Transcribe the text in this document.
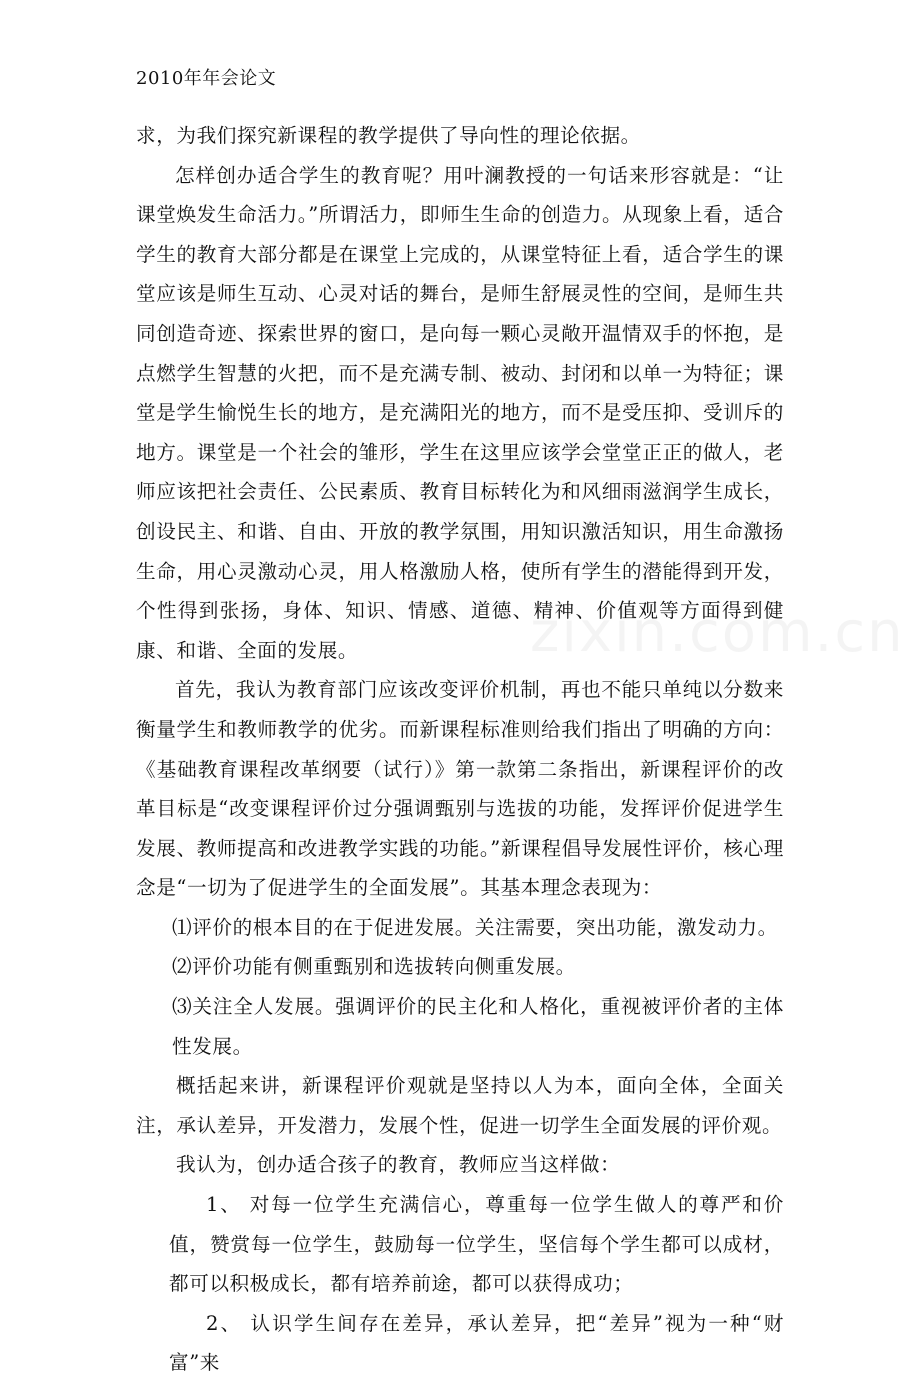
2010年年会论文

求，为我们探究新课程的教学提供了导向性的理论依据。

怎样创办适合学生的教育呢？用叶澜教授的一句话来形容就是：“让课堂焕发生命活力。”所谓活力，即师生生命的创造力。从现象上看，适合学生的教育大部分都是在课堂上完成的，从课堂特征上看，适合学生的课堂应该是师生互动、心灵对话的舞台，是师生舒展灵性的空间，是师生共同创造奇迹、探索世界的窗口，是向每一颗心灵敞开温情双手的怀抱，是点燃学生智慧的火把，而不是充满专制、被动、封闭和以单一为特征；课堂是学生愉悦生长的地方，是充满阳光的地方，而不是受压抑、受训斥的地方。课堂是一个社会的雏形，学生在这里应该学会堂堂正正的做人，老师应该把社会责任、公民素质、教育目标转化为和风细雨滋润学生成长，创设民主、和谐、自由、开放的教学氛围，用知识激活知识，用生命激扬生命，用心灵激动心灵，用人格激励人格，使所有学生的潜能得到开发，个性得到张扬，身体、知识、情感、道德、精神、价值观等方面得到健康、和谐、全面的发展。

首先，我认为教育部门应该改变评价机制，再也不能只单纯以分数来衡量学生和教师教学的优劣。而新课程标准则给我们指出了明确的方向：《基础教育课程改革纲要（试行）》第一款第二条指出，新课程评价的改革目标是“改变课程评价过分强调甄别与选拔的功能，发挥评价促进学生发展、教师提高和改进教学实践的功能。”新课程倡导发展性评价，核心理念是“一切为了促进学生的全面发展”。其基本理念表现为：

⑴评价的根本目的在于促进发展。关注需要，突出功能，激发动力。

⑵评价功能有侧重甄别和选拔转向侧重发展。

⑶关注全人发展。强调评价的民主化和人格化，重视被评价者的主体性发展。

概括起来讲，新课程评价观就是坚持以人为本，面向全体，全面关注，承认差异，开发潜力，发展个性，促进一切学生全面发展的评价观。

我认为，创办适合孩子的教育，教师应当这样做：

1、 对每一位学生充满信心，尊重每一位学生做人的尊严和价值，赞赏每一位学生，鼓励每一位学生，坚信每个学生都可以成材，都可以积极成长，都有培养前途，都可以获得成功；

2、 认识学生间存在差异，承认差异，把“差异”视为一种“财富”来
